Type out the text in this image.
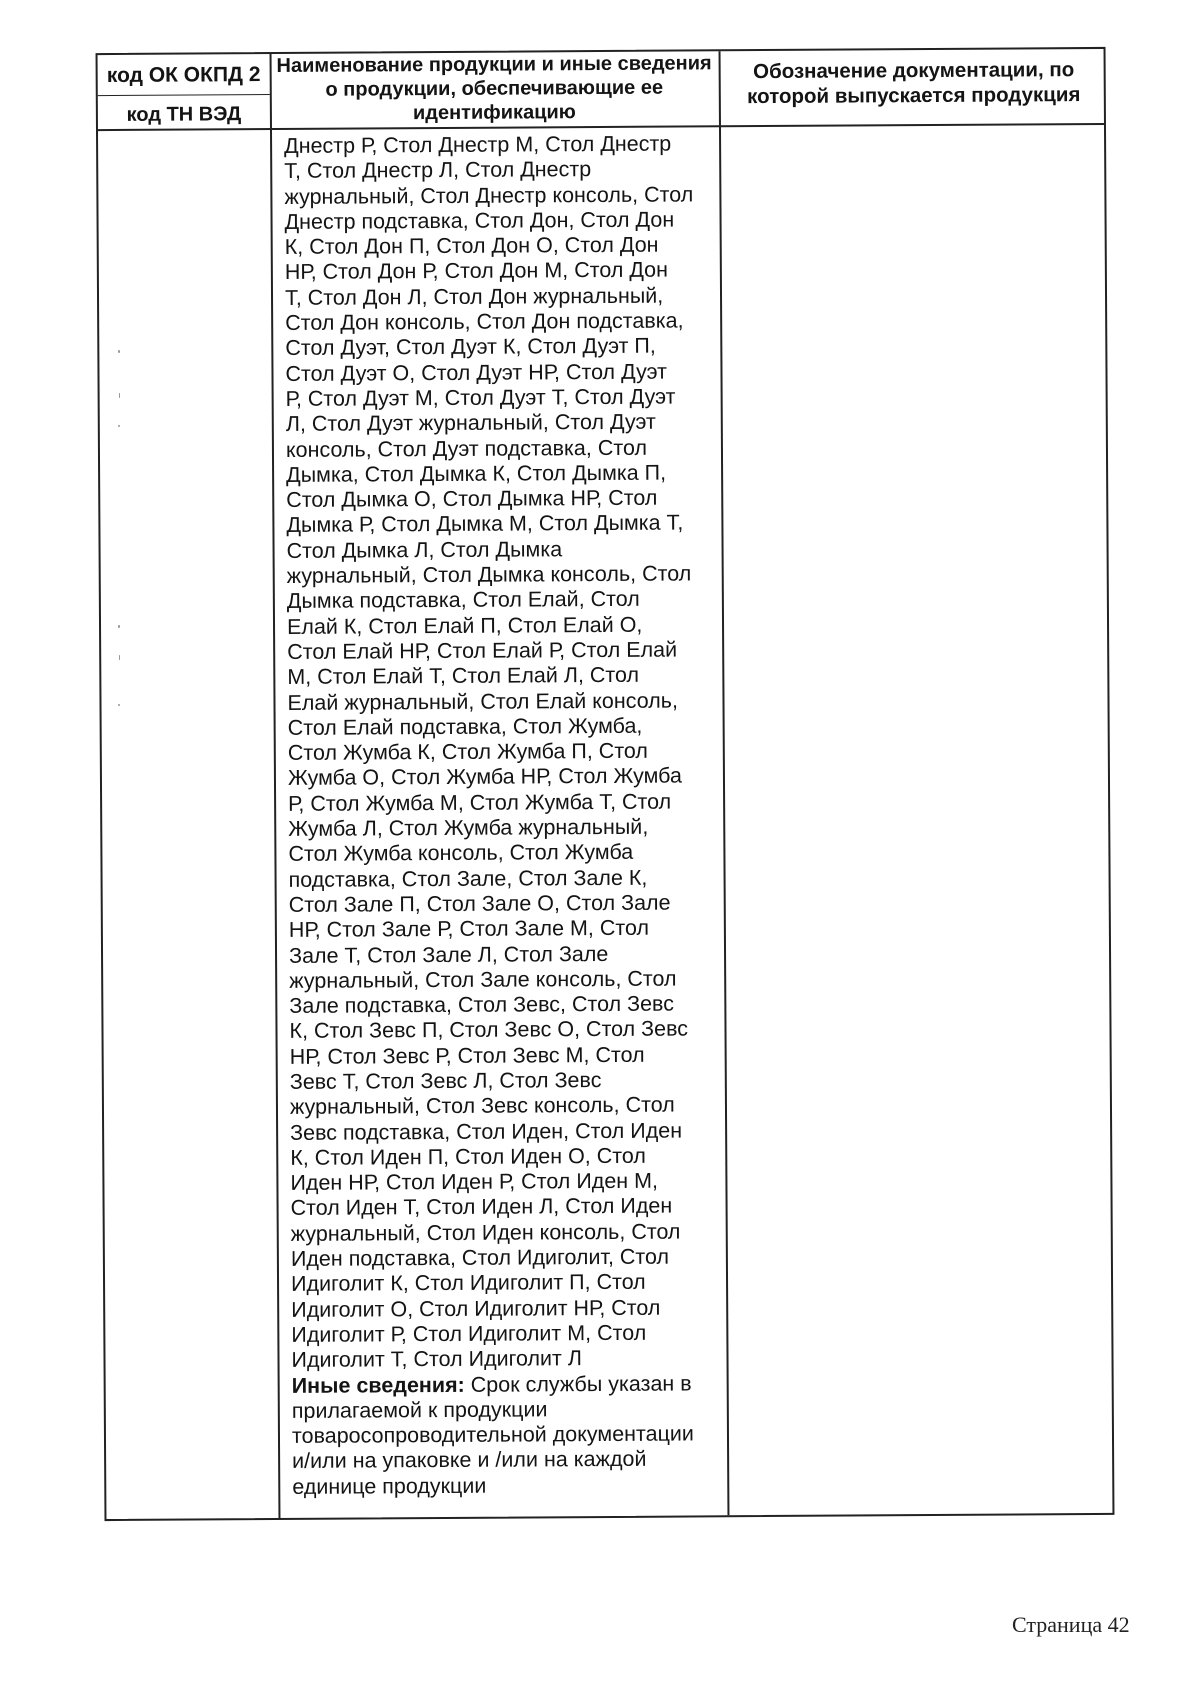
код ОК ОКПД 2
код ТН ВЭД
Наименование продукции и иные сведения о продукции, обеспечивающие ее идентификацию
Обозначение документации, по которой выпускается продукция
Днестр Р, Стол Днестр М, Стол Днестр
Т, Стол Днестр Л, Стол Днестр
журнальный, Стол Днестр консоль, Стол
Днестр подставка, Стол Дон, Стол Дон
К, Стол Дон П, Стол Дон О, Стол Дон
НР, Стол Дон Р, Стол Дон М, Стол Дон
Т, Стол Дон Л, Стол Дон журнальный,
Стол Дон консоль, Стол Дон подставка,
Стол Дуэт, Стол Дуэт К, Стол Дуэт П,
Стол Дуэт О, Стол Дуэт НР, Стол Дуэт
Р, Стол Дуэт М, Стол Дуэт Т, Стол Дуэт
Л, Стол Дуэт журнальный, Стол Дуэт
консоль, Стол Дуэт подставка, Стол
Дымка, Стол Дымка К, Стол Дымка П,
Стол Дымка О, Стол Дымка НР, Стол
Дымка Р, Стол Дымка М, Стол Дымка Т,
Стол Дымка Л, Стол Дымка
журнальный, Стол Дымка консоль, Стол
Дымка подставка, Стол Елай, Стол
Елай К, Стол Елай П, Стол Елай О,
Стол Елай НР, Стол Елай Р, Стол Елай
М, Стол Елай Т, Стол Елай Л, Стол
Елай журнальный, Стол Елай консоль,
Стол Елай подставка, Стол Жумба,
Стол Жумба К, Стол Жумба П, Стол
Жумба О, Стол Жумба НР, Стол Жумба
Р, Стол Жумба М, Стол Жумба Т, Стол
Жумба Л, Стол Жумба журнальный,
Стол Жумба консоль, Стол Жумба
подставка, Стол Зале, Стол Зале К,
Стол Зале П, Стол Зале О, Стол Зале
НР, Стол Зале Р, Стол Зале М, Стол
Зале Т, Стол Зале Л, Стол Зале
журнальный, Стол Зале консоль, Стол
Зале подставка, Стол Зевс, Стол Зевс
К, Стол Зевс П, Стол Зевс О, Стол Зевс
НР, Стол Зевс Р, Стол Зевс М, Стол
Зевс Т, Стол Зевс Л, Стол Зевс
журнальный, Стол Зевс консоль, Стол
Зевс подставка, Стол Иден, Стол Иден
К, Стол Иден П, Стол Иден О, Стол
Иден НР, Стол Иден Р, Стол Иден М,
Стол Иден Т, Стол Иден Л, Стол Иден
журнальный, Стол Иден консоль, Стол
Иден подставка, Стол Идиголит, Стол
Идиголит К, Стол Идиголит П, Стол
Идиголит О, Стол Идиголит НР, Стол
Идиголит Р, Стол Идиголит М, Стол
Идиголит Т, Стол Идиголит Л
Иные сведения: Срок службы указан в
прилагаемой к продукции
товаросопроводительной документации
и/или на упаковке и /или на каждой
единице продукции
Страница 42
